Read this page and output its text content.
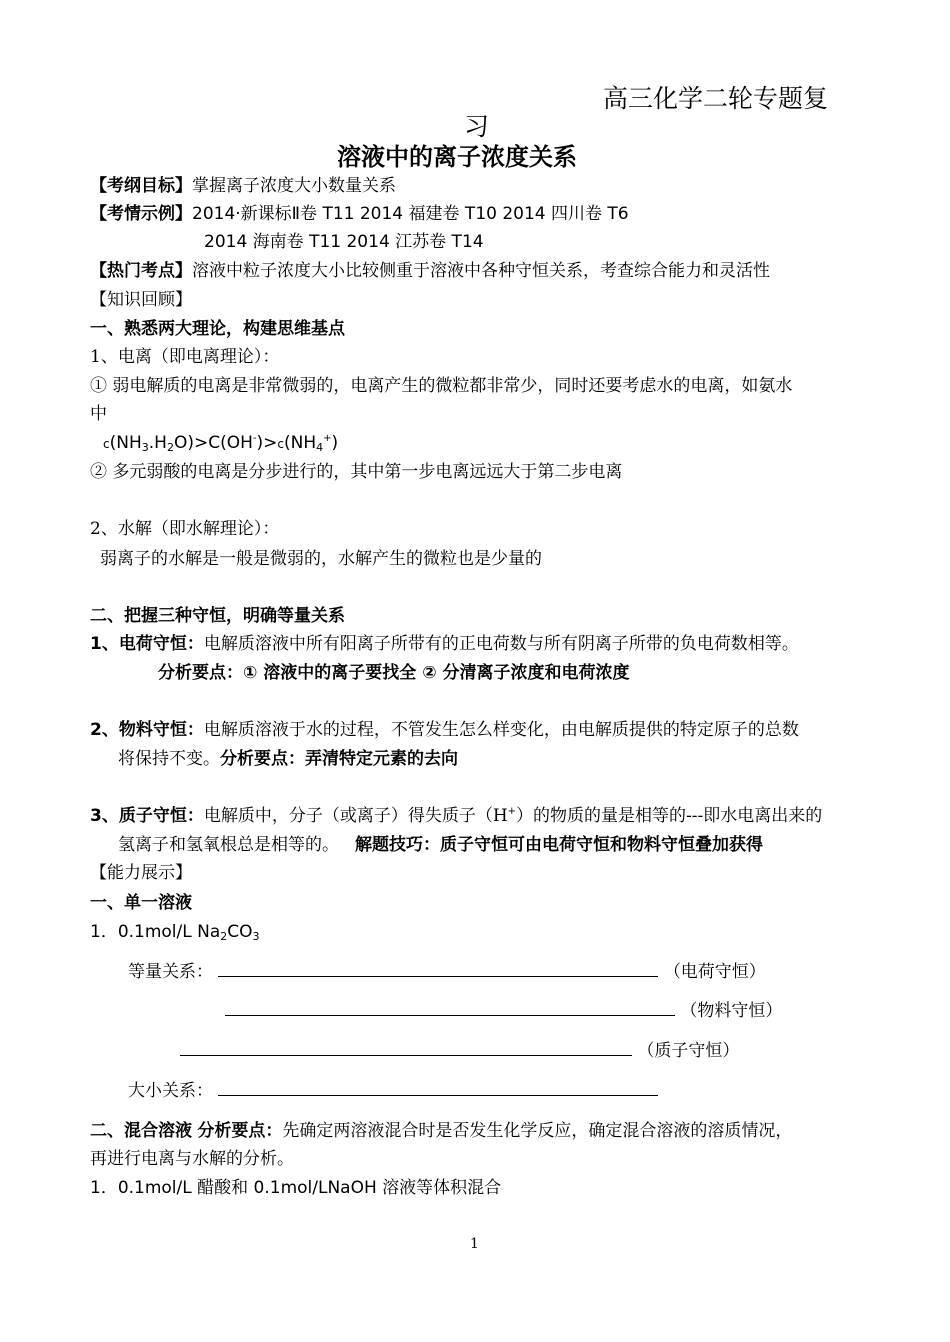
高三化学二轮专题复
习
溶液中的离子浓度关系
【考纲目标】掌握离子浓度大小数量关系
【考情示例】2014·新课标Ⅱ卷 T11 2014 福建卷 T10 2014 四川卷 T6
2014 海南卷 T11 2014 江苏卷 T14
【热门考点】溶液中粒子浓度大小比较侧重于溶液中各种守恒关系，考查综合能力和灵活性
【知识回顾】
一、熟悉两大理论，构建思维基点
1、电离（即电离理论）：
① 弱电解质的电离是非常微弱的，电离产生的微粒都非常少，同时还要考虑水的电离，如氨水
中
$c(NH_3.H_2O)>C(OH^-)>c(NH_4^+)$
② 多元弱酸的电离是分步进行的，其中第一步电离远远大于第二步电离
2、水解（即水解理论）：
弱离子的水解是一般是微弱的，水解产生的微粒也是少量的
二、把握三种守恒，明确等量关系
1、电荷守恒：电解质溶液中所有阳离子所带有的正电荷数与所有阴离子所带的负电荷数相等。
分析要点：① 溶液中的离子要找全 ② 分清离子浓度和电荷浓度
2、物料守恒：电解质溶液于水的过程，不管发生怎么样变化，由电解质提供的特定原子的总数
将保持不变。分析要点：弄清特定元素的去向
3、质子守恒：电解质中，分子（或离子）得失质子（H+）的物质的量是相等的---即水电离出来的
氢离子和氢氧根总是相等的。 解题技巧：质子守恒可由电荷守恒和物料守恒叠加获得
【能力展示】
一、单一溶液
1．0.1mol/L $Na_2CO_3$
等量关系：	（电荷守恒）
（物料守恒）
（质子守恒）
大小关系：
二、混合溶液 分析要点：先确定两溶液混合时是否发生化学反应，确定混合溶液的溶质情况，
再进行电离与水解的分析。
1．0.1mol/L 醋酸和 0.1mol/LNaOH 溶液等体积混合
1
